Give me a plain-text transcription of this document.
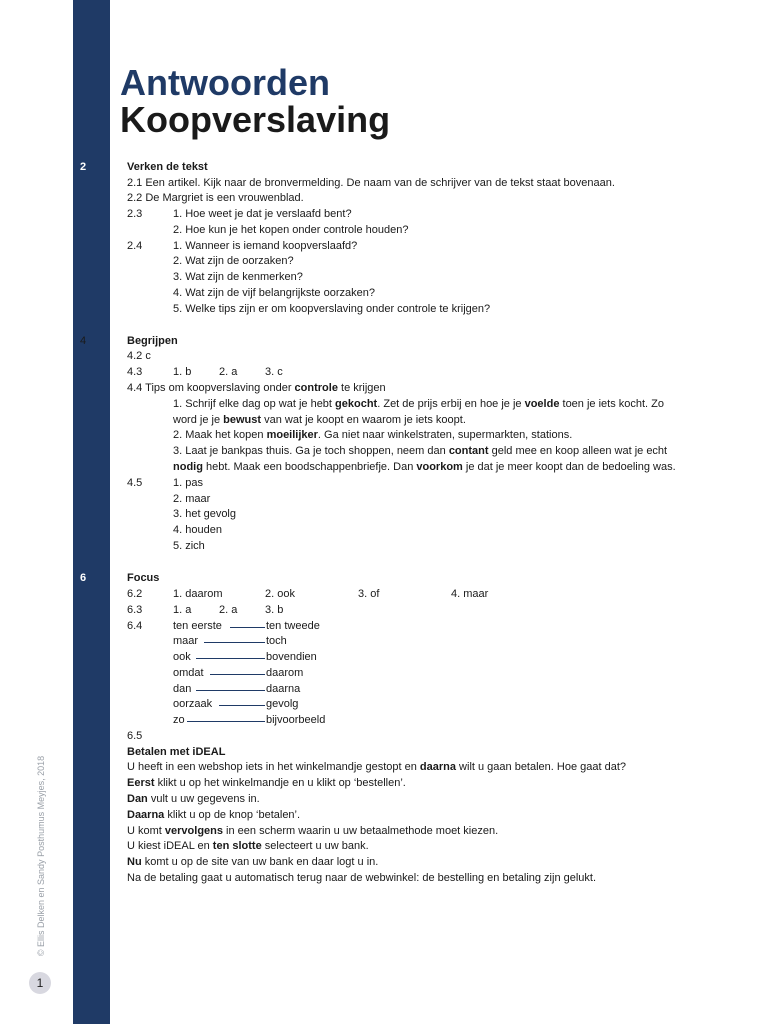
© Ellis Delken en Sandy Posthumus Meyjes, 2018
1
Antwoorden
Koopverslaving
2	Verken de tekst
2.1 Een artikel. Kijk naar de bronvermelding. De naam van de schrijver van de tekst staat bovenaan.
2.2 De Margriet is een vrouwenblad.
2.3	1. Hoe weet je dat je verslaafd bent?
2. Hoe kun je het kopen onder controle houden?
2.4	1. Wanneer is iemand koopverslaafd?
2. Wat zijn de oorzaken?
3. Wat zijn de kenmerken?
4. Wat zijn de vijf belangrijkste oorzaken?
5. Welke tips zijn er om koopverslaving onder controle te krijgen?
4	Begrijpen
4.2 c
4.3	1. b	2. a	3. c
4.4 Tips om koopverslaving onder controle te krijgen
1. Schrijf elke dag op wat je hebt gekocht. Zet de prijs erbij en hoe je je voelde toen je iets kocht. Zo
word je je bewust van wat je koopt en waarom je iets koopt.
2. Maak het kopen moeilijker. Ga niet naar winkelstraten, supermarkten, stations.
3. Laat je bankpas thuis. Ga je toch shoppen, neem dan contant geld mee en koop alleen wat je echt
nodig hebt. Maak een boodschappenbriefje. Dan voorkom je dat je meer koopt dan de bedoeling was.
4.5	1. pas
2. maar
3. het gevolg
4. houden
5. zich
6	Focus
6.2	1. daarom	2. ook	3. of	4. maar
6.3	1. a	2. a	3. b
6.4	ten eerste	ten tweede
maar	toch
ook	bovendien
omdat	daarom
dan	daarna
oorzaak	gevolg
zo	bijvoorbeeld
6.5
Betalen met iDEAL
U heeft in een webshop iets in het winkelmandje gestopt en daarna wilt u gaan betalen. Hoe gaat dat?
Eerst klikt u op het winkelmandje en u klikt op ‘bestellen’.
Dan vult u uw gegevens in.
Daarna klikt u op de knop ‘betalen’.
U komt vervolgens in een scherm waarin u uw betaalmethode moet kiezen.
U kiest iDEAL en ten slotte selecteert u uw bank.
Nu komt u op de site van uw bank en daar logt u in.
Na de betaling gaat u automatisch terug naar de webwinkel: de bestelling en betaling zijn gelukt.
